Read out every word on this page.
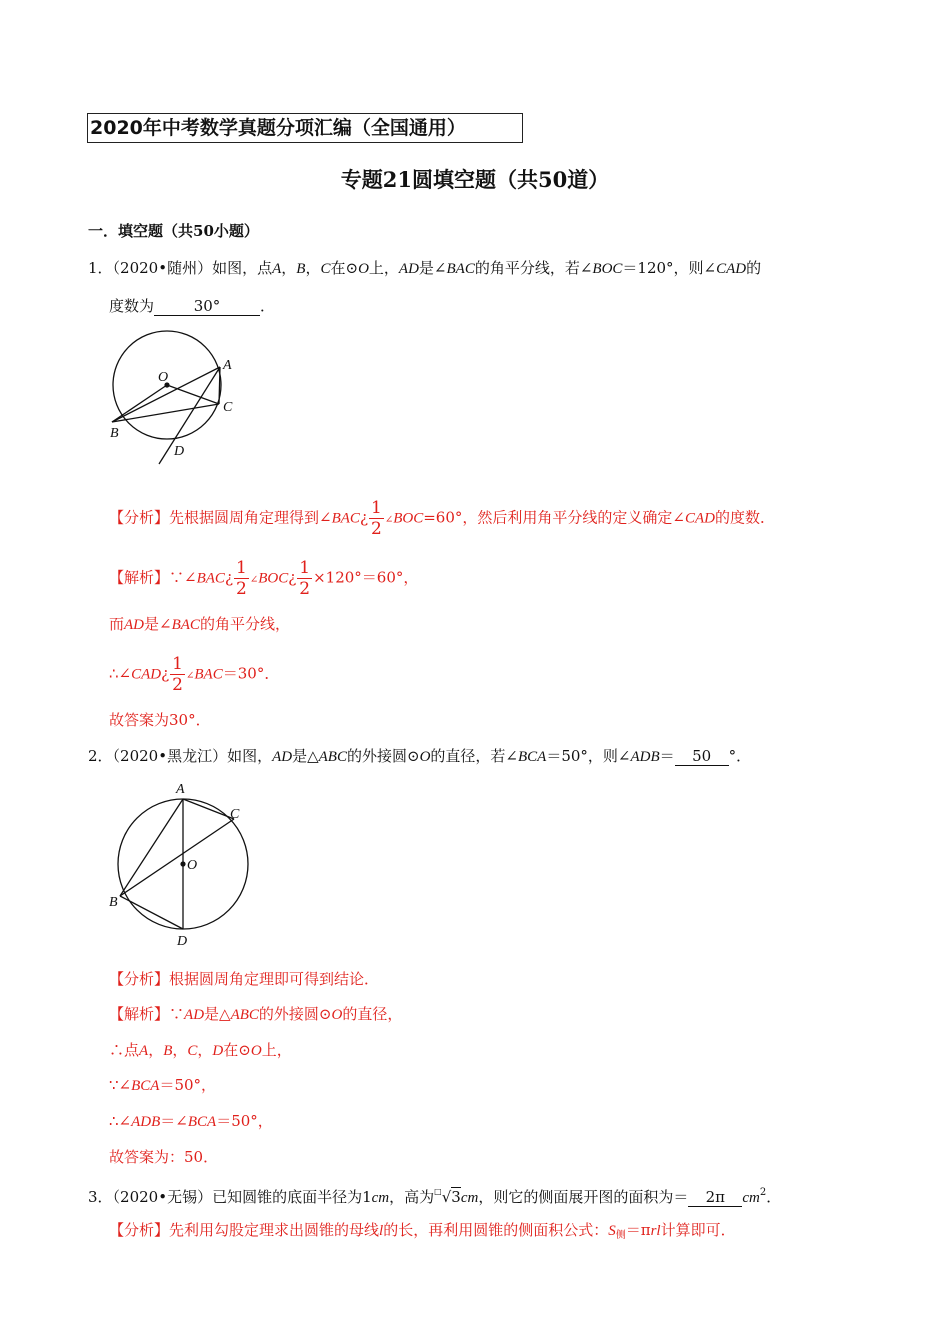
2020年中考数学真题分项汇编（全国通用）
专题21圆填空题（共50道）
一．填空题（共50小题）
1．（2020•随州）如图，点A，B，C在⊙O上，AD是∠BAC的角平分线，若∠BOC＝120°，则∠CAD的
度数为	30°	．
O
A
C
B
D
【分析】先根据圆周角定理得到∠BAC¿ $\frac{1}{2}$ ∠BOC=60°，然后利用角平分线的定义确定∠CAD的度数．
【解析】∵∠BAC¿ $\frac{1}{2}$ ∠BOC¿ $\frac{1}{2} \times 120^\circ=60^\circ$，
而AD是∠BAC的角平分线，
∴∠CAD¿ $\frac{1}{2}$ ∠BAC＝30°．
故答案为30°．
2．（2020•黑龙江）如图，AD是△ABC的外接圆⊙O的直径，若∠BCA＝50°，则∠ADB＝ 50 °．
A
C
O
B
D
【分析】根据圆周角定理即可得到结论．
【解析】∵AD是△ABC的外接圆⊙O的直径，
∴点A，B，C，D在⊙O上，
∵∠BCA＝50°，
∴∠ADB＝∠BCA＝50°，
故答案为：50．
3．（2020•无锡）已知圆锥的底面半径为1cm，高为□√3cm，则它的侧面展开图的面积为＝ 2π $cm^2$．
【分析】先利用勾股定理求出圆锥的母线l的长，再利用圆锥的侧面积公式：$S_侧=\pi rl$计算即可．
